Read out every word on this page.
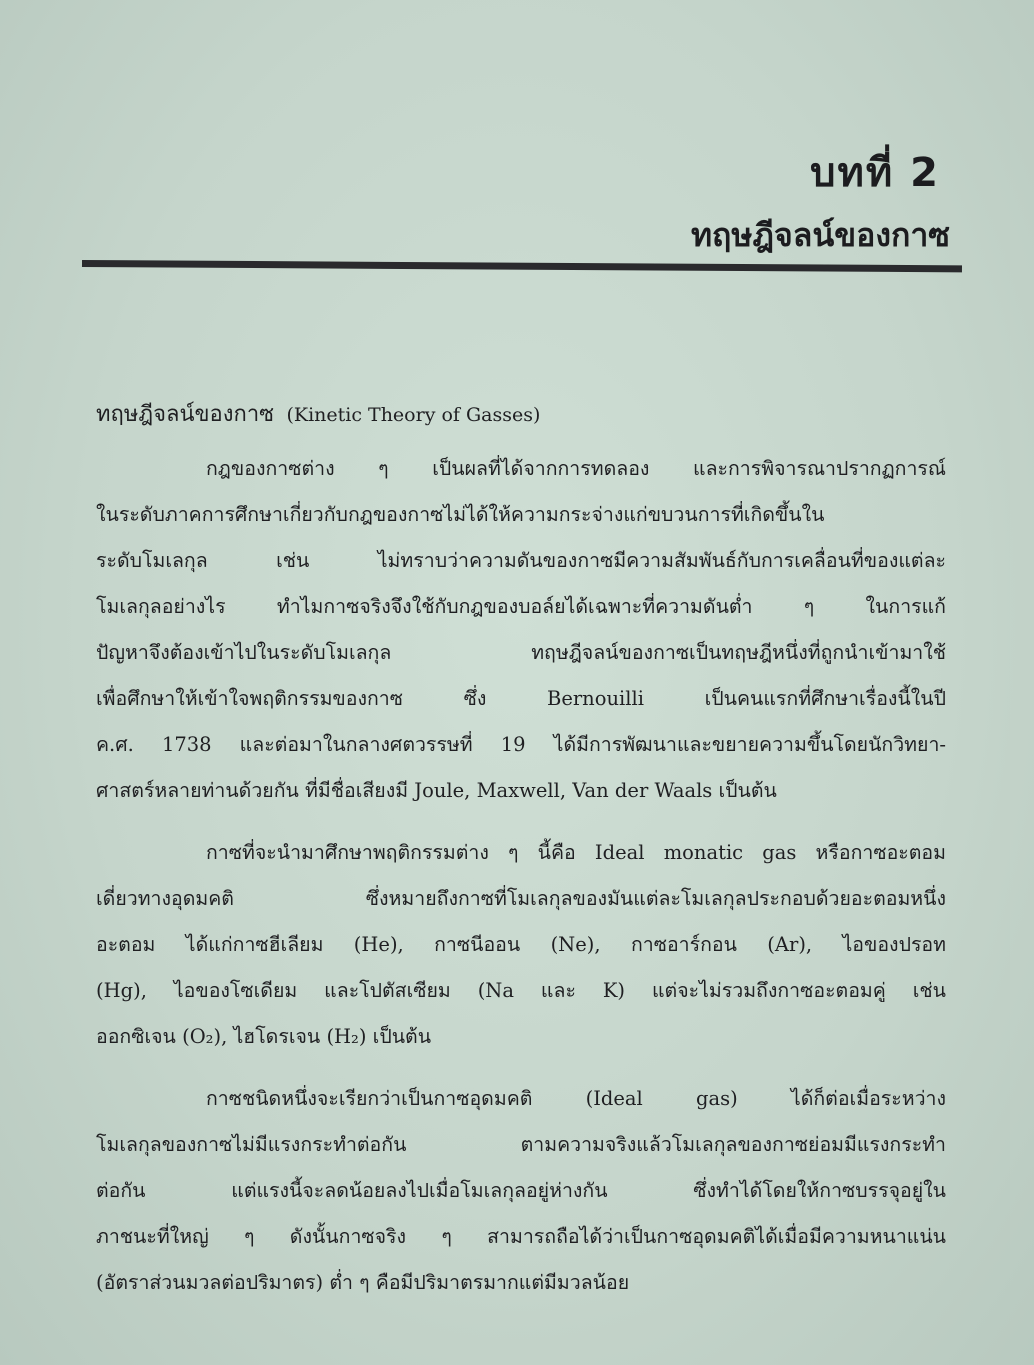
บทที่ 2
ทฤษฎีจลน์ของกาซ
ทฤษฎีจลน์ของกาซ (Kinetic Theory of Gasses)
กฎของกาซต่าง ๆ เป็นผลที่ได้จากการทดลอง และการพิจารณาปรากฏการณ์
ในระดับภาคการศึกษาเกี่ยวกับกฎของกาซไม่ได้ให้ความกระจ่างแก่ขบวนการที่เกิดขึ้นใน
ระดับโมเลกุล เช่น ไม่ทราบว่าความดันของกาซมีความสัมพันธ์กับการเคลื่อนที่ของแต่ละ
โมเลกุลอย่างไร ทำไมกาซจริงจึงใช้กับกฎของบอล์ยได้เฉพาะที่ความดันต่ำ ๆ ในการแก้
ปัญหาจึงต้องเข้าไปในระดับโมเลกุล ทฤษฎีจลน์ของกาซเป็นทฤษฎีหนึ่งที่ถูกนำเข้ามาใช้
เพื่อศึกษาให้เข้าใจพฤติกรรมของกาซ ซึ่ง Bernouilli เป็นคนแรกที่ศึกษาเรื่องนี้ในปี
ค.ศ. 1738 และต่อมาในกลางศตวรรษที่ 19 ได้มีการพัฒนาและขยายความขึ้นโดยนักวิทยา-
ศาสตร์หลายท่านด้วยกัน ที่มีชื่อเสียงมี Joule, Maxwell, Van der Waals เป็นต้น
กาซที่จะนำมาศึกษาพฤติกรรมต่าง ๆ นี้คือ Ideal monatic gas หรือกาซอะตอม
เดี่ยวทางอุดมคติ ซึ่งหมายถึงกาซที่โมเลกุลของมันแต่ละโมเลกุลประกอบด้วยอะตอมหนึ่ง
อะตอม ได้แก่กาซฮีเลียม (He), กาซนีออน (Ne), กาซอาร์กอน (Ar), ไอของปรอท
(Hg), ไอของโซเดียม และโปตัสเซียม (Na และ K) แต่จะไม่รวมถึงกาซอะตอมคู่ เช่น
ออกซิเจน (O₂), ไฮโดรเจน (H₂) เป็นต้น
กาซชนิดหนึ่งจะเรียกว่าเป็นกาซอุดมคติ (Ideal gas) ได้ก็ต่อเมื่อระหว่าง
โมเลกุลของกาซไม่มีแรงกระทำต่อกัน ตามความจริงแล้วโมเลกุลของกาซย่อมมีแรงกระทำ
ต่อกัน แต่แรงนี้จะลดน้อยลงไปเมื่อโมเลกุลอยู่ห่างกัน ซึ่งทำได้โดยให้กาซบรรจุอยู่ใน
ภาชนะที่ใหญ่ ๆ ดังนั้นกาซจริง ๆ สามารถถือได้ว่าเป็นกาซอุดมคติได้เมื่อมีความหนาแน่น
(อัตราส่วนมวลต่อปริมาตร) ต่ำ ๆ คือมีปริมาตรมากแต่มีมวลน้อย
